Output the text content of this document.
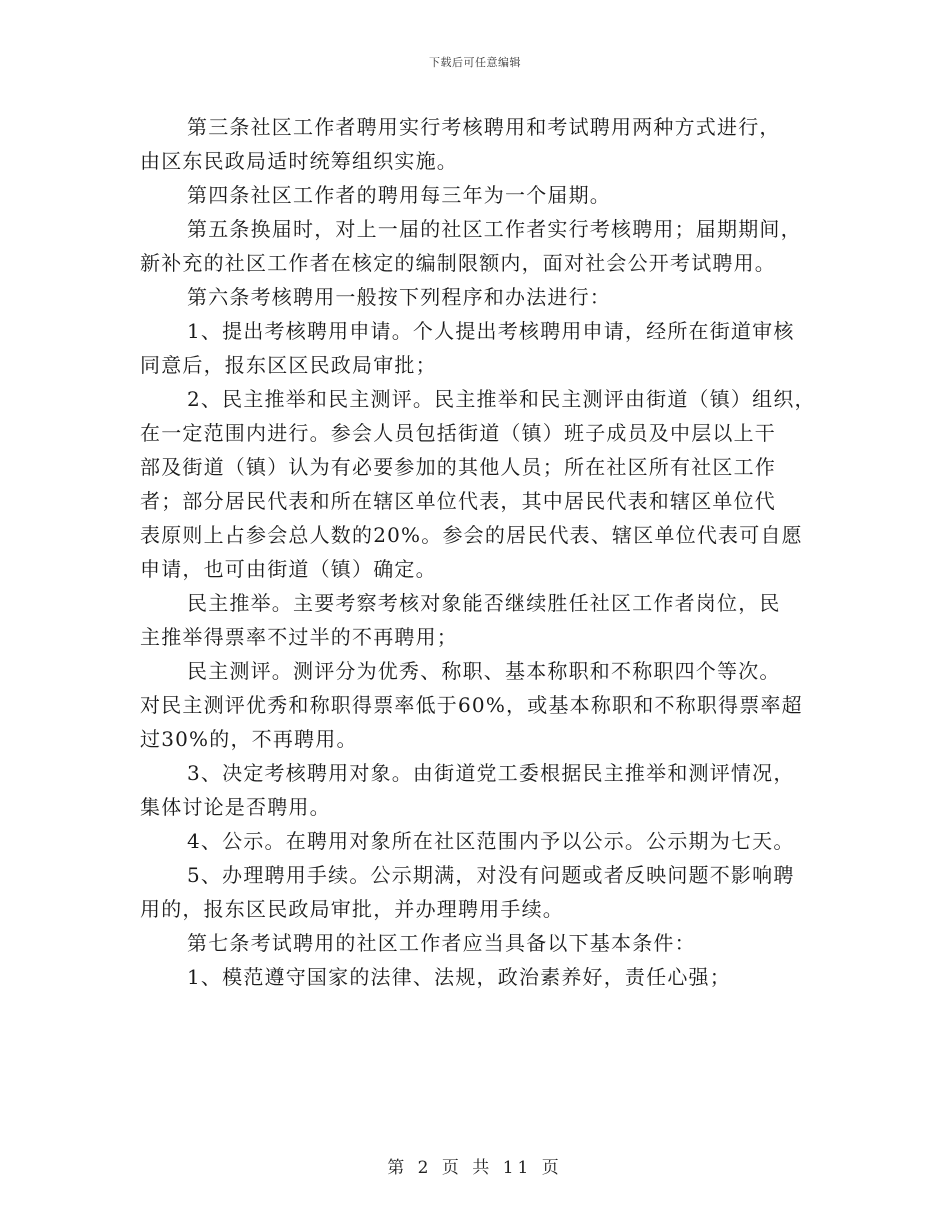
下载后可任意编辑
第三条社区工作者聘用实行考核聘用和考试聘用两种方式进行，
由区东民政局适时统筹组织实施。
第四条社区工作者的聘用每三年为一个届期。
第五条换届时，对上一届的社区工作者实行考核聘用；届期期间，
新补充的社区工作者在核定的编制限额内，面对社会公开考试聘用。
第六条考核聘用一般按下列程序和办法进行：
1、提出考核聘用申请。个人提出考核聘用申请，经所在街道审核
同意后，报东区区民政局审批；
2、民主推举和民主测评。民主推举和民主测评由街道（镇）组织，
在一定范围内进行。参会人员包括街道（镇）班子成员及中层以上干
部及街道（镇）认为有必要参加的其他人员；所在社区所有社区工作
者；部分居民代表和所在辖区单位代表，其中居民代表和辖区单位代
表原则上占参会总人数的20%。参会的居民代表、辖区单位代表可自愿
申请，也可由街道（镇）确定。
民主推举。主要考察考核对象能否继续胜任社区工作者岗位，民
主推举得票率不过半的不再聘用；
民主测评。测评分为优秀、称职、基本称职和不称职四个等次。
对民主测评优秀和称职得票率低于60%，或基本称职和不称职得票率超
过30%的，不再聘用。
3、决定考核聘用对象。由街道党工委根据民主推举和测评情况，
集体讨论是否聘用。
4、公示。在聘用对象所在社区范围内予以公示。公示期为七天。
5、办理聘用手续。公示期满，对没有问题或者反映问题不影响聘
用的，报东区民政局审批，并办理聘用手续。
第七条考试聘用的社区工作者应当具备以下基本条件：
1、模范遵守国家的法律、法规，政治素养好，责任心强；
第 2 页 共 11 页
